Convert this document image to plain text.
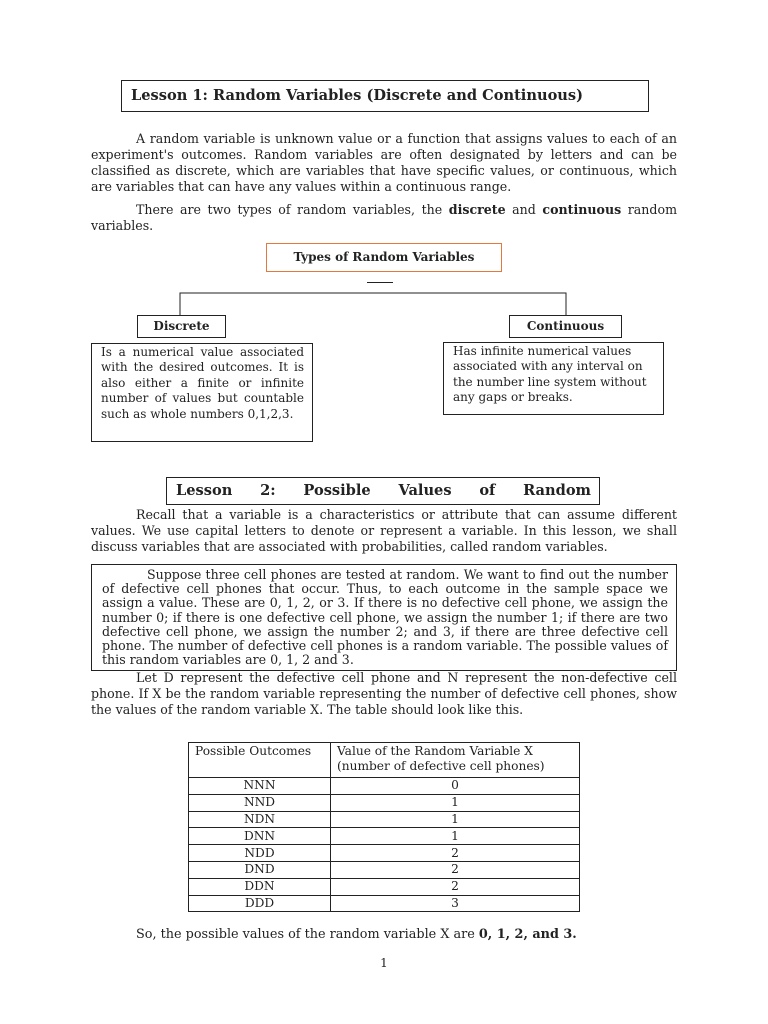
Lesson 1: Random Variables (Discrete and Continuous)

A random variable is unknown value or a function that assigns values to each of an experiment's outcomes. Random variables are often designated by letters and can be classified as discrete, which are variables that have specific values, or continuous, which are variables that can have any values within a continuous range.

There are two types of random variables, the discrete and continuous random variables.

Types of Random Variables
Discrete	Continuous

Is a numerical value associated with the desired outcomes. It is also either a finite or infinite number of values but countable such as whole numbers 0,1,2,3.

Has infinite numerical values associated with any interval on the number line system without any gaps or breaks.

Lesson 2: Possible Values of Random

Recall that a variable is a characteristics or attribute that can assume different values. We use capital letters to denote or represent a variable. In this lesson, we shall discuss variables that are associated with probabilities, called random variables.

Suppose three cell phones are tested at random. We want to find out the number of defective cell phones that occur. Thus, to each outcome in the sample space we assign a value. These are 0, 1, 2, or 3. If there is no defective cell phone, we assign the number 0; if there is one defective cell phone, we assign the number 1; if there are two defective cell phone, we assign the number 2; and 3, if there are three defective cell phone. The number of defective cell phones is a random variable. The possible values of this random variables are 0, 1, 2 and 3.

Let D represent the defective cell phone and N represent the non-defective cell phone. If X be the random variable representing the number of defective cell phones, show the values of the random variable X. The table should look like this.

Possible Outcomes	Value of the Random Variable X
(number of defective cell phones)

NNN	0
NND	1
NDN	1
DNN	1
NDD	2
DND	2
DDN	2
DDD	3

So, the possible values of the random variable X are 0, 1, 2, and 3.

1
